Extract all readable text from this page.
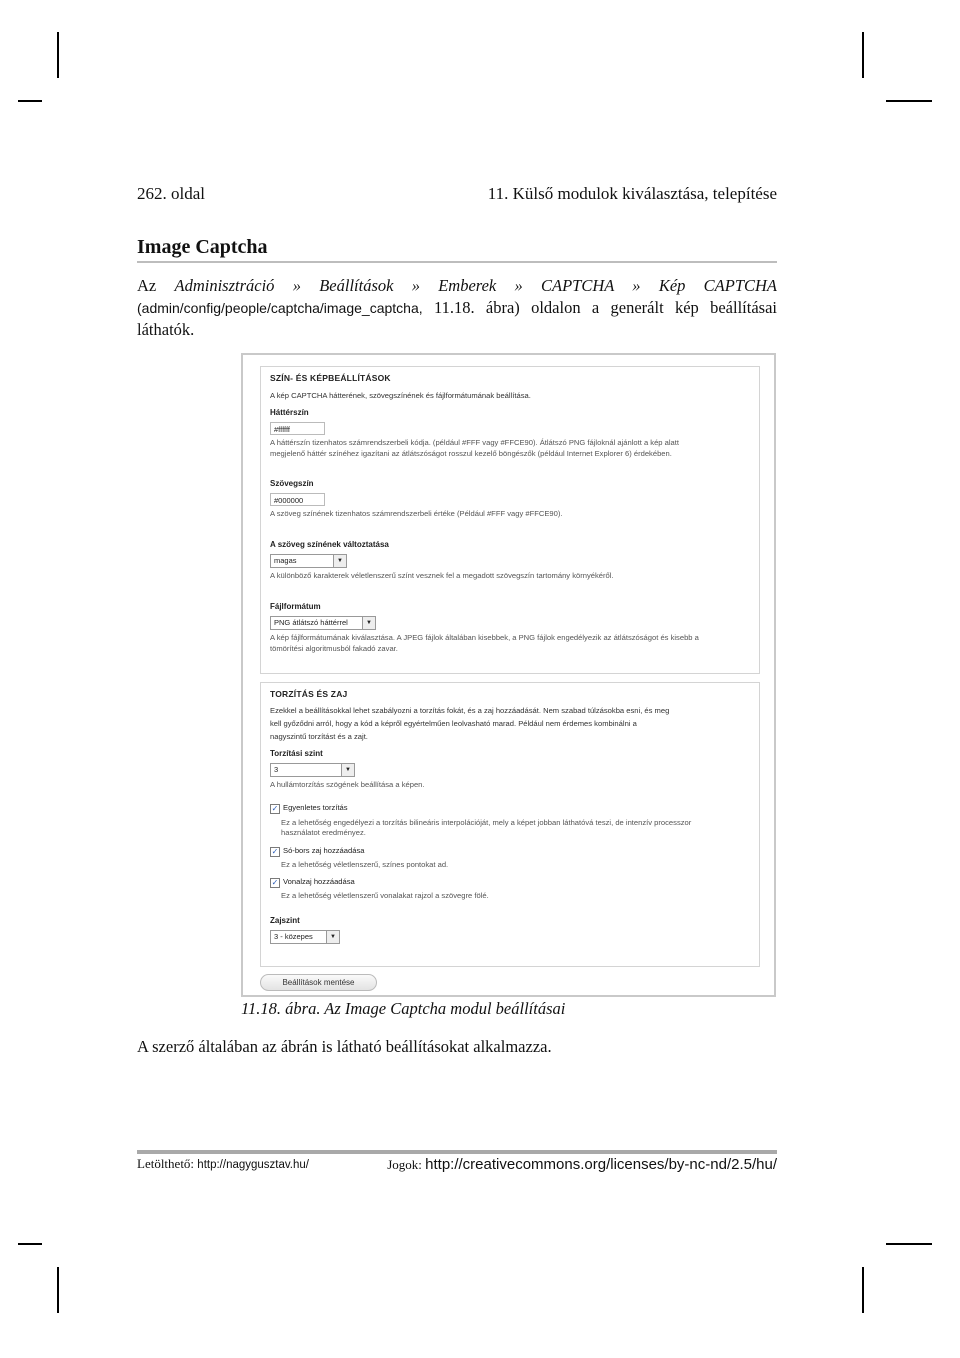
262. oldal	11. Külső modulok kiválasztása, telepítése
Image Captcha
Az Adminisztráció » Beállítások » Emberek » CAPTCHA » Kép CAPTCHA (admin/config/people/captcha/image_captcha, 11.18. ábra) oldalon a generált kép beállításai láthatók.
SZÍN- ÉS KÉPBEÁLLÍTÁSOK
A kép CAPTCHA hátterének, szövegszínének és fájlformátumának beállítása.
Háttérszín
#ffffff
A háttérszín tizenhatos számrendszerbeli kódja. (például #FFF vagy #FFCE90). Átlátszó PNG fájloknál ajánlott a kép alatt
megjelenő háttér színéhez igazítani az átlátszóságot rosszul kezelő böngészők (például Internet Explorer 6) érdekében.
Szövegszín
#000000
A szöveg színének tizenhatos számrendszerbeli értéke (Például #FFF vagy #FFCE90).
A szöveg színének változtatása
magas	▼
A különböző karakterek véletlenszerű színt vesznek fel a megadott szövegszín tartomány környékéről.
Fájlformátum
PNG átlátszó háttérrel	▼
A kép fájlformátumának kiválasztása. A JPEG fájlok általában kisebbek, a PNG fájlok engedélyezik az átlátszóságot és kisebb a
tömörítési algoritmusból fakadó zavar.
TORZÍTÁS ÉS ZAJ
Ezekkel a beállításokkal lehet szabályozni a torzítás fokát, és a zaj hozzáadását. Nem szabad túlzásokba esni, és meg
kell győződni arról, hogy a kód a képről egyértelműen leolvasható marad. Például nem érdemes kombinálni a
nagyszintű torzítást és a zajt.
Torzítási szint
3	▼
A hullámtorzítás szögének beállítása a képen.
✓ Egyenletes torzítás
Ez a lehetőség engedélyezi a torzítás bilineáris interpolációját, mely a képet jobban láthatóvá teszi, de intenzív processzor
használatot eredményez.
✓ Só-bors zaj hozzáadása
Ez a lehetőség véletlenszerű, színes pontokat ad.
✓ Vonalzaj hozzáadása
Ez a lehetőség véletlenszerű vonalakat rajzol a szövegre fölé.
Zajszint
3 - közepes	▼
Beállítások mentése
11.18. ábra. Az Image Captcha modul beállításai
A szerző általában az ábrán is látható beállításokat alkalmazza.
Letölthető: http://nagygusztav.hu/	Jogok: http://creativecommons.org/licenses/by-nc-nd/2.5/hu/
